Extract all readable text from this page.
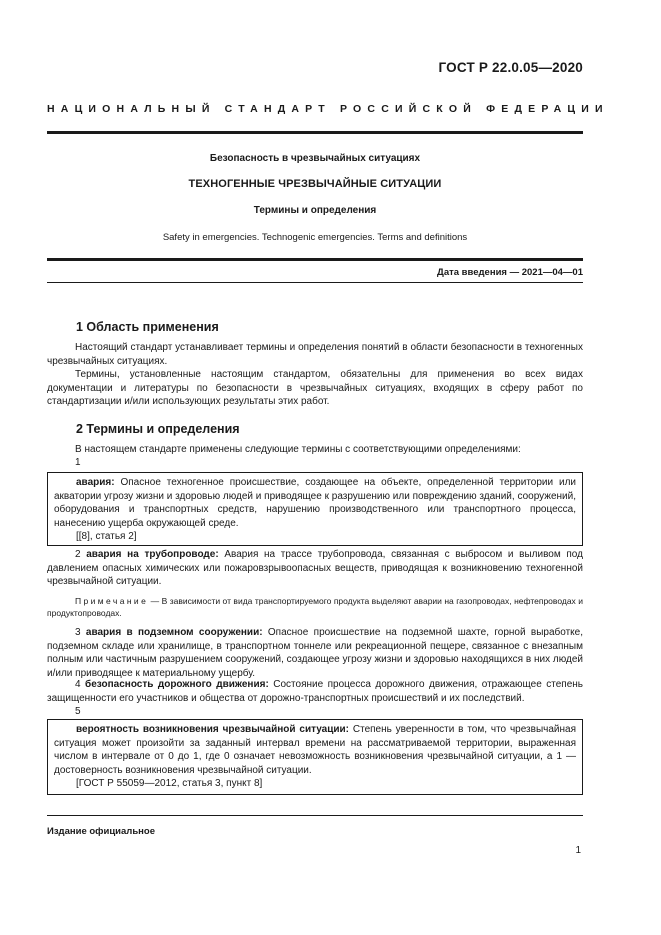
ГОСТ Р 22.0.05—2020
НАЦИОНАЛЬНЫЙ СТАНДАРТ РОССИЙСКОЙ ФЕДЕРАЦИИ
Безопасность в чрезвычайных ситуациях
ТЕХНОГЕННЫЕ ЧРЕЗВЫЧАЙНЫЕ СИТУАЦИИ
Термины и определения
Safety in emergencies. Technogenic emergencies. Terms and definitions
Дата введения — 2021—04—01
1 Область применения

Настоящий стандарт устанавливает термины и определения понятий в области безопасности в техногенных чрезвычайных ситуациях.

Термины, установленные настоящим стандартом, обязательны для применения во всех видах документации и литературы по безопасности в чрезвычайных ситуациях, входящих в сферу работ по стандартизации и/или использующих результаты этих работ.

2 Термины и определения

В настоящем стандарте применены следующие термины с соответствующими определениями:

1

авария: Опасное техногенное происшествие, создающее на объекте, определенной территории или акватории угрозу жизни и здоровью людей и приводящее к разрушению или повреждению зданий, сооружений, оборудования и транспортных средств, нарушению производственного или транспортного процесса, нанесению ущерба окружающей среде.

[[8], статья 2]

2 авария на трубопроводе: Авария на трассе трубопровода, связанная с выбросом и выливом под давлением опасных химических или пожаровзрывоопасных веществ, приводящая к возникновению техногенной чрезвычайной ситуации.

Примечание — В зависимости от вида транспортируемого продукта выделяют аварии на газопроводах, нефтепроводах и продуктопроводах.

3 авария в подземном сооружении: Опасное происшествие на подземной шахте, горной выработке, подземном складе или хранилище, в транспортном тоннеле или рекреационной пещере, связанное с внезапным полным или частичным разрушением сооружений, создающее угрозу жизни и здоровью находящихся в них людей и/или приводящее к материальному ущербу.

4 безопасность дорожного движения: Состояние процесса дорожного движения, отражающее степень защищенности его участников и общества от дорожно-транспортных происшествий и их последствий.

5

вероятность возникновения чрезвычайной ситуации: Степень уверенности в том, что чрезвычайная ситуация может произойти за заданный интервал времени на рассматриваемой территории, выраженная числом в интервале от 0 до 1, где 0 означает невозможность возникновения чрезвычайной ситуации, а 1 — достоверность возникновения чрезвычайной ситуации.

[ГОСТ Р 55059—2012, статья 3, пункт 8]

Издание официальное
1
